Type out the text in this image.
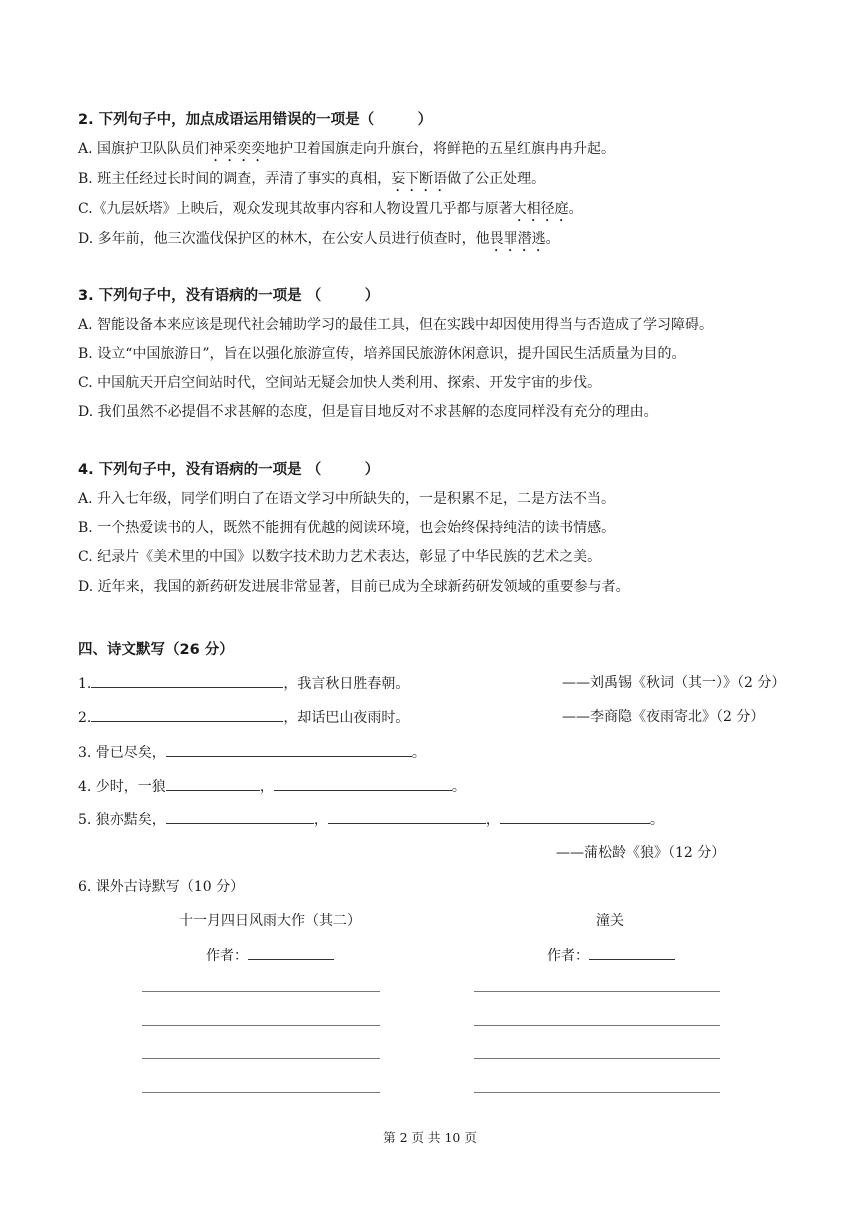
2. 下列句子中，加点成语运用错误的一项是（　　　）
A. 国旗护卫队队员们神采奕奕地护卫着国旗走向升旗台，将鲜艳的五星红旗冉冉升起。
B. 班主任经过长时间的调查，弄清了事实的真相，妄下断语做了公正处理。
C.《九层妖塔》上映后，观众发现其故事内容和人物设置几乎都与原著大相径庭。
D. 多年前，他三次滥伐保护区的林木，在公安人员进行侦查时，他畏罪潜逃。
3. 下列句子中，没有语病的一项是 （　　　）
A. 智能设备本来应该是现代社会辅助学习的最佳工具，但在实践中却因使用得当与否造成了学习障碍。
B. 设立“中国旅游日”，旨在以强化旅游宣传，培养国民旅游休闲意识，提升国民生活质量为目的。
C. 中国航天开启空间站时代，空间站无疑会加快人类利用、探索、开发宇宙的步伐。
D. 我们虽然不必提倡不求甚解的态度，但是盲目地反对不求甚解的态度同样没有充分的理由。
4. 下列句子中，没有语病的一项是 （　　　）
A. 升入七年级，同学们明白了在语文学习中所缺失的，一是积累不足，二是方法不当。
B. 一个热爱读书的人，既然不能拥有优越的阅读环境，也会始终保持纯洁的读书情感。
C. 纪录片《美术里的中国》以数字技术助力艺术表达，彰显了中华民族的艺术之美。
D. 近年来，我国的新药研发进展非常显著，目前已成为全球新药研发领域的重要参与者。
四、诗文默写（26 分）
1.	，我言秋日胜春朝。	——刘禹锡《秋词（其一）》（2 分）
2.	，却话巴山夜雨时。	——李商隐《夜雨寄北》（2 分）
3. 骨已尽矣，	。
4. 少时，一狼	，	。
5. 狼亦黠矣，	，	，	。
——蒲松龄《狼》（12 分）
6. 课外古诗默写（10 分）
十一月四日风雨大作（其二）
作者：
潼关
作者：
第 2 页 共 10 页
